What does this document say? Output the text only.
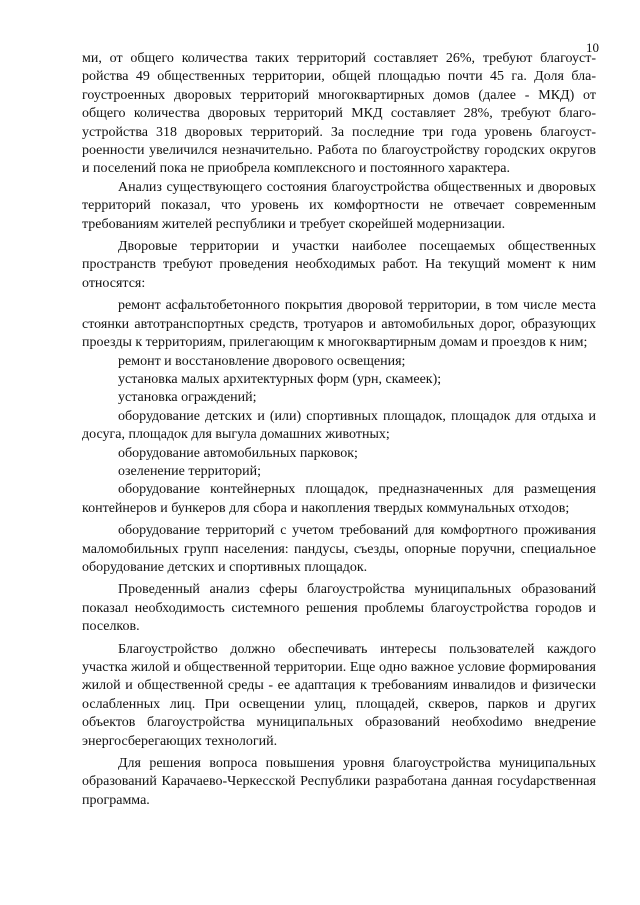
10

ми, от общего количества таких территорий составляет 26%, требуют благоустройства 49 общественных территории, общей площадью почти 45 га. Доля благоустроенных дворовых территорий многоквартирных домов (далее - МКД) от общего количества дворовых территорий МКД составляет 28%, требуют благоустройства 318 дворовых территорий. За последние три года уровень благоустроенности увеличился незначительно. Работа по благоустройству городских округов и поселений пока не приобрела комплексного и постоянного характера.

Анализ существующего состояния благоустройства общественных и дворовых территорий показал, что уровень их комфортности не отвечает современным требованиям жителей республики и требует скорейшей модернизации.

Дворовые территории и участки наиболее посещаемых общественных пространств требуют проведения необходимых работ. На текущий момент к ним относятся:

ремонт асфальтобетонного покрытия дворовой территории, в том числе места стоянки автотранспортных средств, тротуаров и автомобильных дорог, образующих проезды к территориям, прилегающим к многоквартирным домам и проездов к ним;

ремонт и восстановление дворового освещения;

установка малых архитектурных форм (урн, скамеек);

установка ограждений;

оборудование детских и (или) спортивных площадок, площадок для отдыха и досуга, площадок для выгула домашних животных;

оборудование автомобильных парковок;

озеленение территорий;

оборудование контейнерных площадок, предназначенных для размещения контейнеров и бункеров для сбора и накопления твердых коммунальных отходов;

оборудование территорий с учетом требований для комфортного проживания маломобильных групп населения: пандусы, съезды, опорные поручни, специальное оборудование детских и спортивных площадок.

Проведенный анализ сферы благоустройства муниципальных образований показал необходимость системного решения проблемы благоустройства городов и поселков.

Благоустройство должно обеспечивать интересы пользователей каждого участка жилой и общественной территории. Еще одно важное условие формирования жилой и общественной среды - ее адаптация к требованиям инвалидов и физически ослабленных лиц. При освещении улиц, площадей, скверов, парков и других объектов благоустройства муниципальных образований необхоdимо внедрение энергосберегающих технологий.

Для решения вопроса повышения уровня благоустройства муниципальных образований Карачаево-Черкесской Республики разработана данная госуdарственная программа.
